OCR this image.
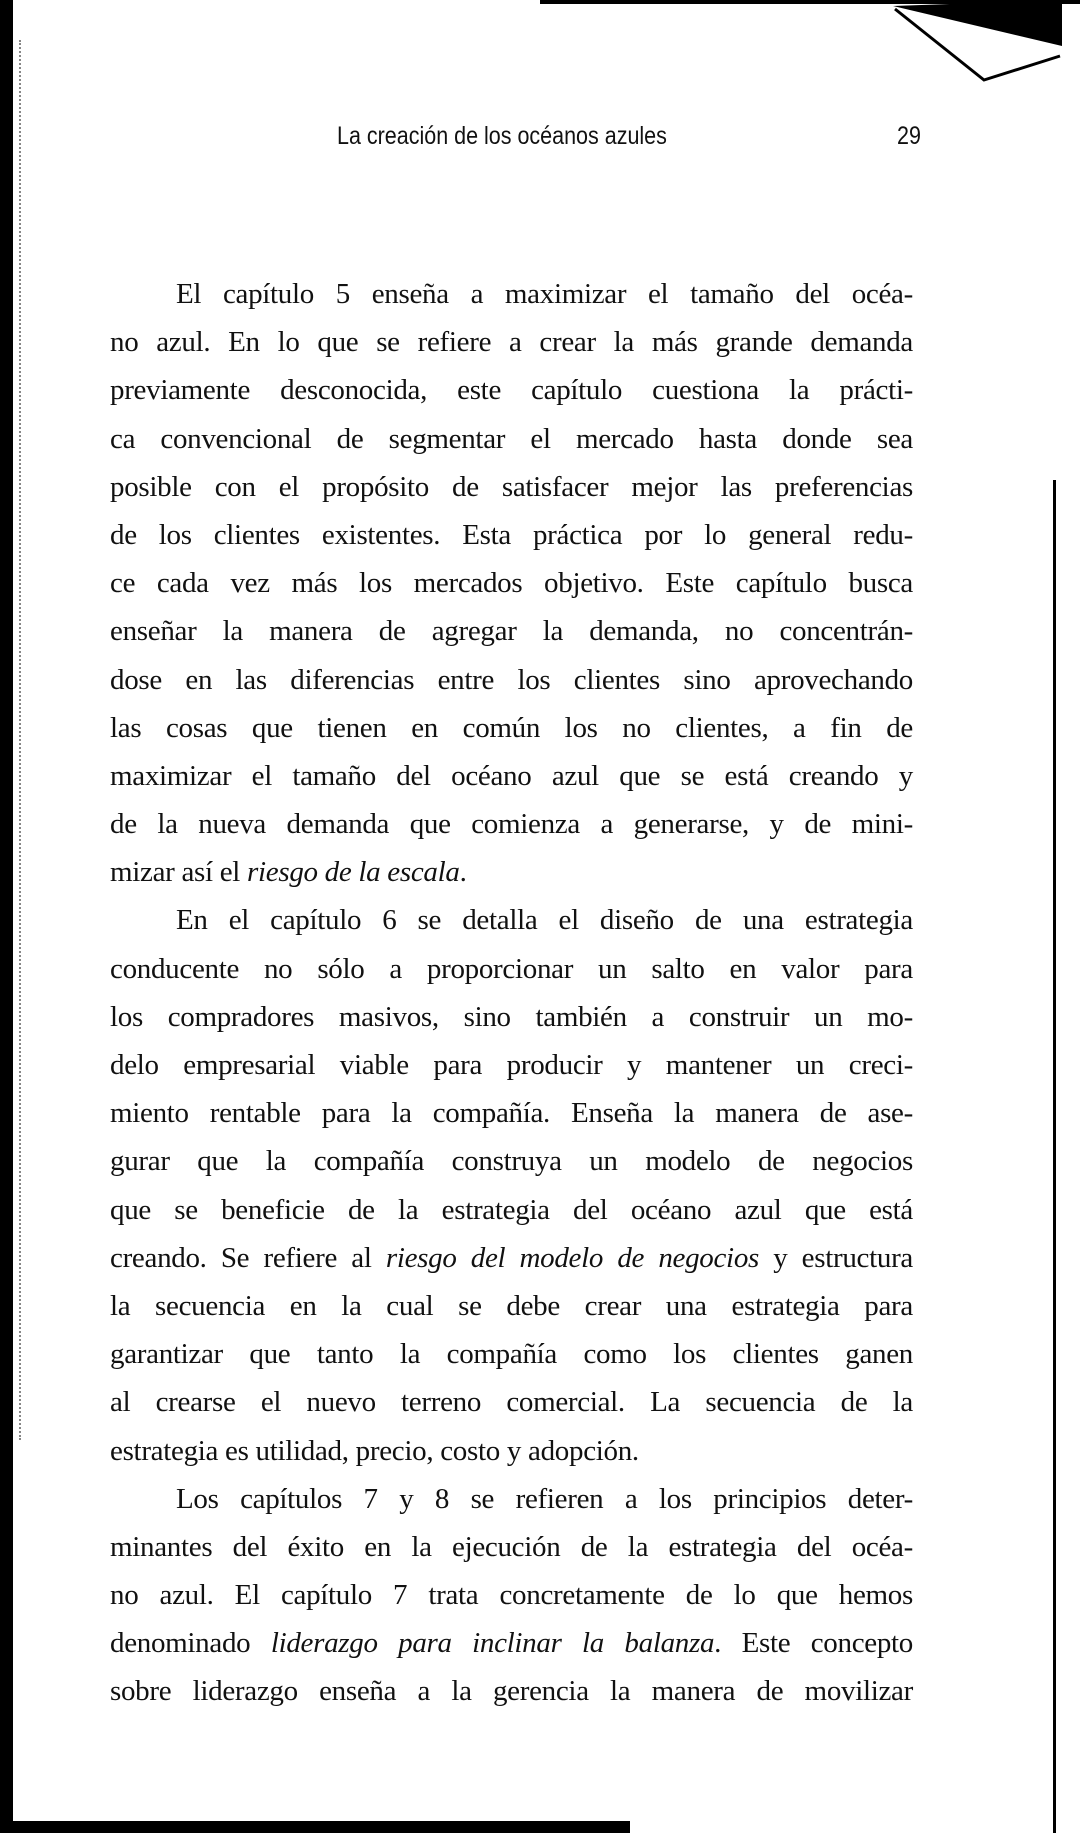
La creación de los océanos azules	29
El capítulo 5 enseña a maximizar el tamaño del océa-
no azul. En lo que se refiere a crear la más grande demanda
previamente desconocida, este capítulo cuestiona la prácti-
ca convencional de segmentar el mercado hasta donde sea
posible con el propósito de satisfacer mejor las preferencias
de los clientes existentes. Esta práctica por lo general redu-
ce cada vez más los mercados objetivo. Este capítulo busca
enseñar la manera de agregar la demanda, no concentrán-
dose en las diferencias entre los clientes sino aprovechando
las cosas que tienen en común los no clientes, a fin de
maximizar el tamaño del océano azul que se está creando y
de la nueva demanda que comienza a generarse, y de mini-
mizar así el riesgo de la escala.
En el capítulo 6 se detalla el diseño de una estrategia
conducente no sólo a proporcionar un salto en valor para
los compradores masivos, sino también a construir un mo-
delo empresarial viable para producir y mantener un creci-
miento rentable para la compañía. Enseña la manera de ase-
gurar que la compañía construya un modelo de negocios
que se beneficie de la estrategia del océano azul que está
creando. Se refiere al riesgo del modelo de negocios y estructura
la secuencia en la cual se debe crear una estrategia para
garantizar que tanto la compañía como los clientes ganen
al crearse el nuevo terreno comercial. La secuencia de la
estrategia es utilidad, precio, costo y adopción.
Los capítulos 7 y 8 se refieren a los principios deter-
minantes del éxito en la ejecución de la estrategia del océa-
no azul. El capítulo 7 trata concretamente de lo que hemos
denominado liderazgo para inclinar la balanza. Este concepto
sobre liderazgo enseña a la gerencia la manera de movilizar
